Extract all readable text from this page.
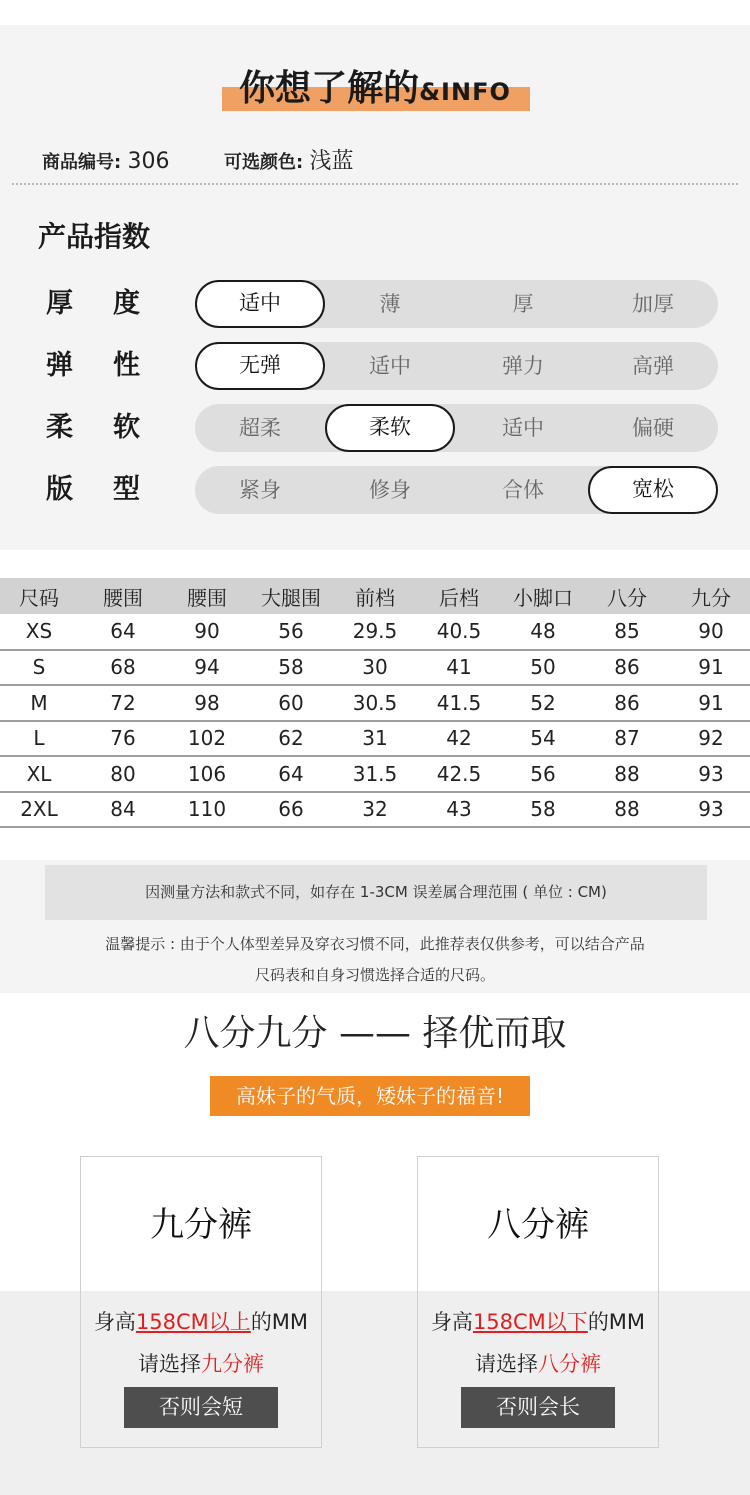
你想了解的&INFO
商品编号: 306	可选颜色: 浅蓝
产品指数
厚 度	适中	薄	厚	加厚
弹 性	无弹	适中	弹力	高弹
柔 软	超柔	柔软	适中	偏硬
版 型	紧身	修身	合体	宽松
尺码	腰围	腰围	大腿围	前档	后档	小脚口	八分	九分
XS	64	90	56	29.5	40.5	48	85	90
S	68	94	58	30	41	50	86	91
M	72	98	60	30.5	41.5	52	86	91
L	76	102	62	31	42	54	87	92
XL	80	106	64	31.5	42.5	56	88	93
2XL	84	110	66	32	43	58	88	93
因测量方法和款式不同，如存在 1-3CM 误差属合理范围 ( 单位 : CM)
温馨提示 : 由于个人体型差异及穿衣习惯不同，此推荐表仅供参考，可以结合产品
尺码表和自身习惯选择合适的尺码。
八分九分 —— 择优而取
高妹子的气质，矮妹子的福音!
九分裤
身高158CM以上的MM
请选择九分裤
否则会短
八分裤
身高158CM以下的MM
请选择八分裤
否则会长
